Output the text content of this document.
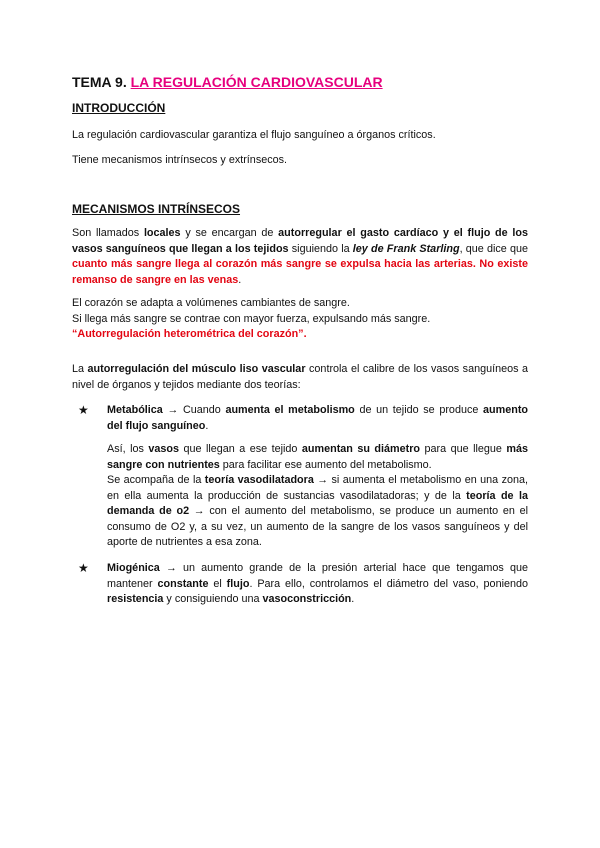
TEMA 9. LA REGULACIÓN CARDIOVASCULAR
INTRODUCCIÓN
La regulación cardiovascular garantiza el flujo sanguíneo a órganos críticos.
Tiene mecanismos intrínsecos y extrínsecos.
MECANISMOS INTRÍNSECOS
Son llamados locales y se encargan de autorregular el gasto cardíaco y el flujo de los vasos sanguíneos que llegan a los tejidos siguiendo la ley de Frank Starling, que dice que cuanto más sangre llega al corazón más sangre se expulsa hacia las arterias. No existe remanso de sangre en las venas.
El corazón se adapta a volúmenes cambiantes de sangre.
Si llega más sangre se contrae con mayor fuerza, expulsando más sangre.
“Autorregulación heterométrica del corazón”.
La autorregulación del músculo liso vascular controla el calibre de los vasos sanguíneos a nivel de órganos y tejidos mediante dos teorías:
★ Metabólica → Cuando aumenta el metabolismo de un tejido se produce aumento del flujo sanguíneo.
Así, los vasos que llegan a ese tejido aumentan su diámetro para que llegue más sangre con nutrientes para facilitar ese aumento del metabolismo.
Se acompaña de la teoría vasodilatadora → si aumenta el metabolismo en una zona, en ella aumenta la producción de sustancias vasodilatadoras; y de la teoría de la demanda de o2 → con el aumento del metabolismo, se produce un aumento en el consumo de O2 y, a su vez, un aumento de la sangre de los vasos sanguíneos y del aporte de nutrientes a esa zona.
★ Miogénica → un aumento grande de la presión arterial hace que tengamos que mantener constante el flujo. Para ello, controlamos el diámetro del vaso, poniendo resistencia y consiguiendo una vasoconstricción.
